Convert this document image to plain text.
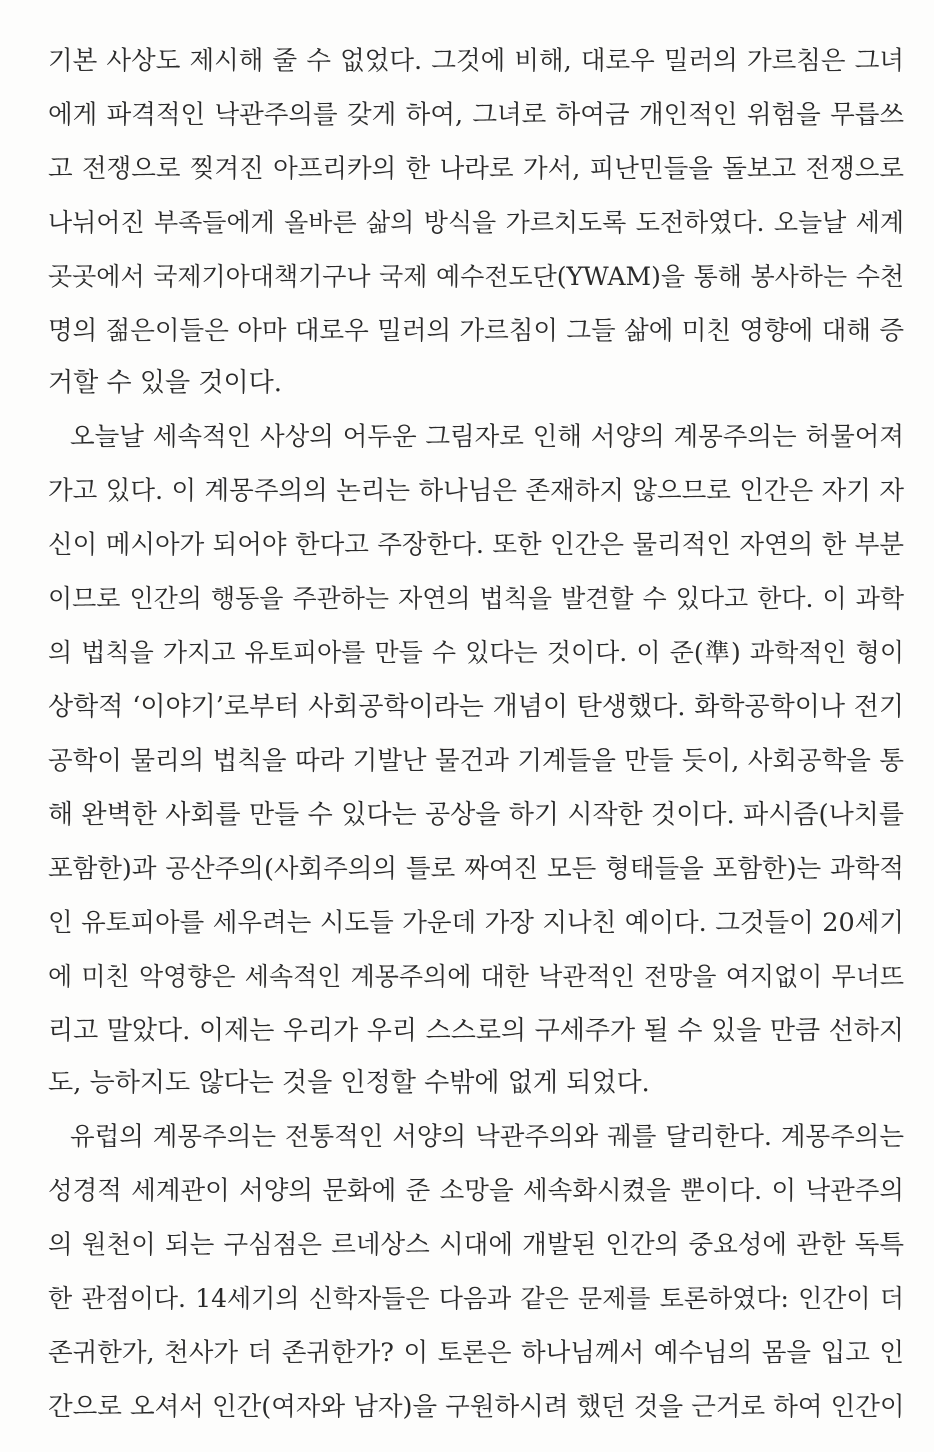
기본 사상도 제시해 줄 수 없었다. 그것에 비해, 대로우 밀러의 가르침은 그녀
에게 파격적인 낙관주의를 갖게 하여, 그녀로 하여금 개인적인 위험을 무릅쓰
고 전쟁으로 찢겨진 아프리카의 한 나라로 가서, 피난민들을 돌보고 전쟁으로
나뉘어진 부족들에게 올바른 삶의 방식을 가르치도록 도전하였다. 오늘날 세계
곳곳에서 국제기아대책기구나 국제 예수전도단(YWAM)을 통해 봉사하는 수천
명의 젊은이들은 아마 대로우 밀러의 가르침이 그들 삶에 미친 영향에 대해 증
거할 수 있을 것이다.
오늘날 세속적인 사상의 어두운 그림자로 인해 서양의 계몽주의는 허물어져
가고 있다. 이 계몽주의의 논리는 하나님은 존재하지 않으므로 인간은 자기 자
신이 메시아가 되어야 한다고 주장한다. 또한 인간은 물리적인 자연의 한 부분
이므로 인간의 행동을 주관하는 자연의 법칙을 발견할 수 있다고 한다. 이 과학
의 법칙을 가지고 유토피아를 만들 수 있다는 것이다. 이 준(準) 과학적인 형이
상학적 ‘이야기’로부터 사회공학이라는 개념이 탄생했다. 화학공학이나 전기
공학이 물리의 법칙을 따라 기발난 물건과 기계들을 만들 듯이, 사회공학을 통
해 완벽한 사회를 만들 수 있다는 공상을 하기 시작한 것이다. 파시즘(나치를
포함한)과 공산주의(사회주의의 틀로 짜여진 모든 형태들을 포함한)는 과학적
인 유토피아를 세우려는 시도들 가운데 가장 지나친 예이다. 그것들이 20세기
에 미친 악영향은 세속적인 계몽주의에 대한 낙관적인 전망을 여지없이 무너뜨
리고 말았다. 이제는 우리가 우리 스스로의 구세주가 될 수 있을 만큼 선하지
도, 능하지도 않다는 것을 인정할 수밖에 없게 되었다.
유럽의 계몽주의는 전통적인 서양의 낙관주의와 궤를 달리한다. 계몽주의는
성경적 세계관이 서양의 문화에 준 소망을 세속화시켰을 뿐이다. 이 낙관주의
의 원천이 되는 구심점은 르네상스 시대에 개발된 인간의 중요성에 관한 독특
한 관점이다. 14세기의 신학자들은 다음과 같은 문제를 토론하였다: 인간이 더
존귀한가, 천사가 더 존귀한가? 이 토론은 하나님께서 예수님의 몸을 입고 인
간으로 오셔서 인간(여자와 남자)을 구원하시려 했던 것을 근거로 하여 인간이
